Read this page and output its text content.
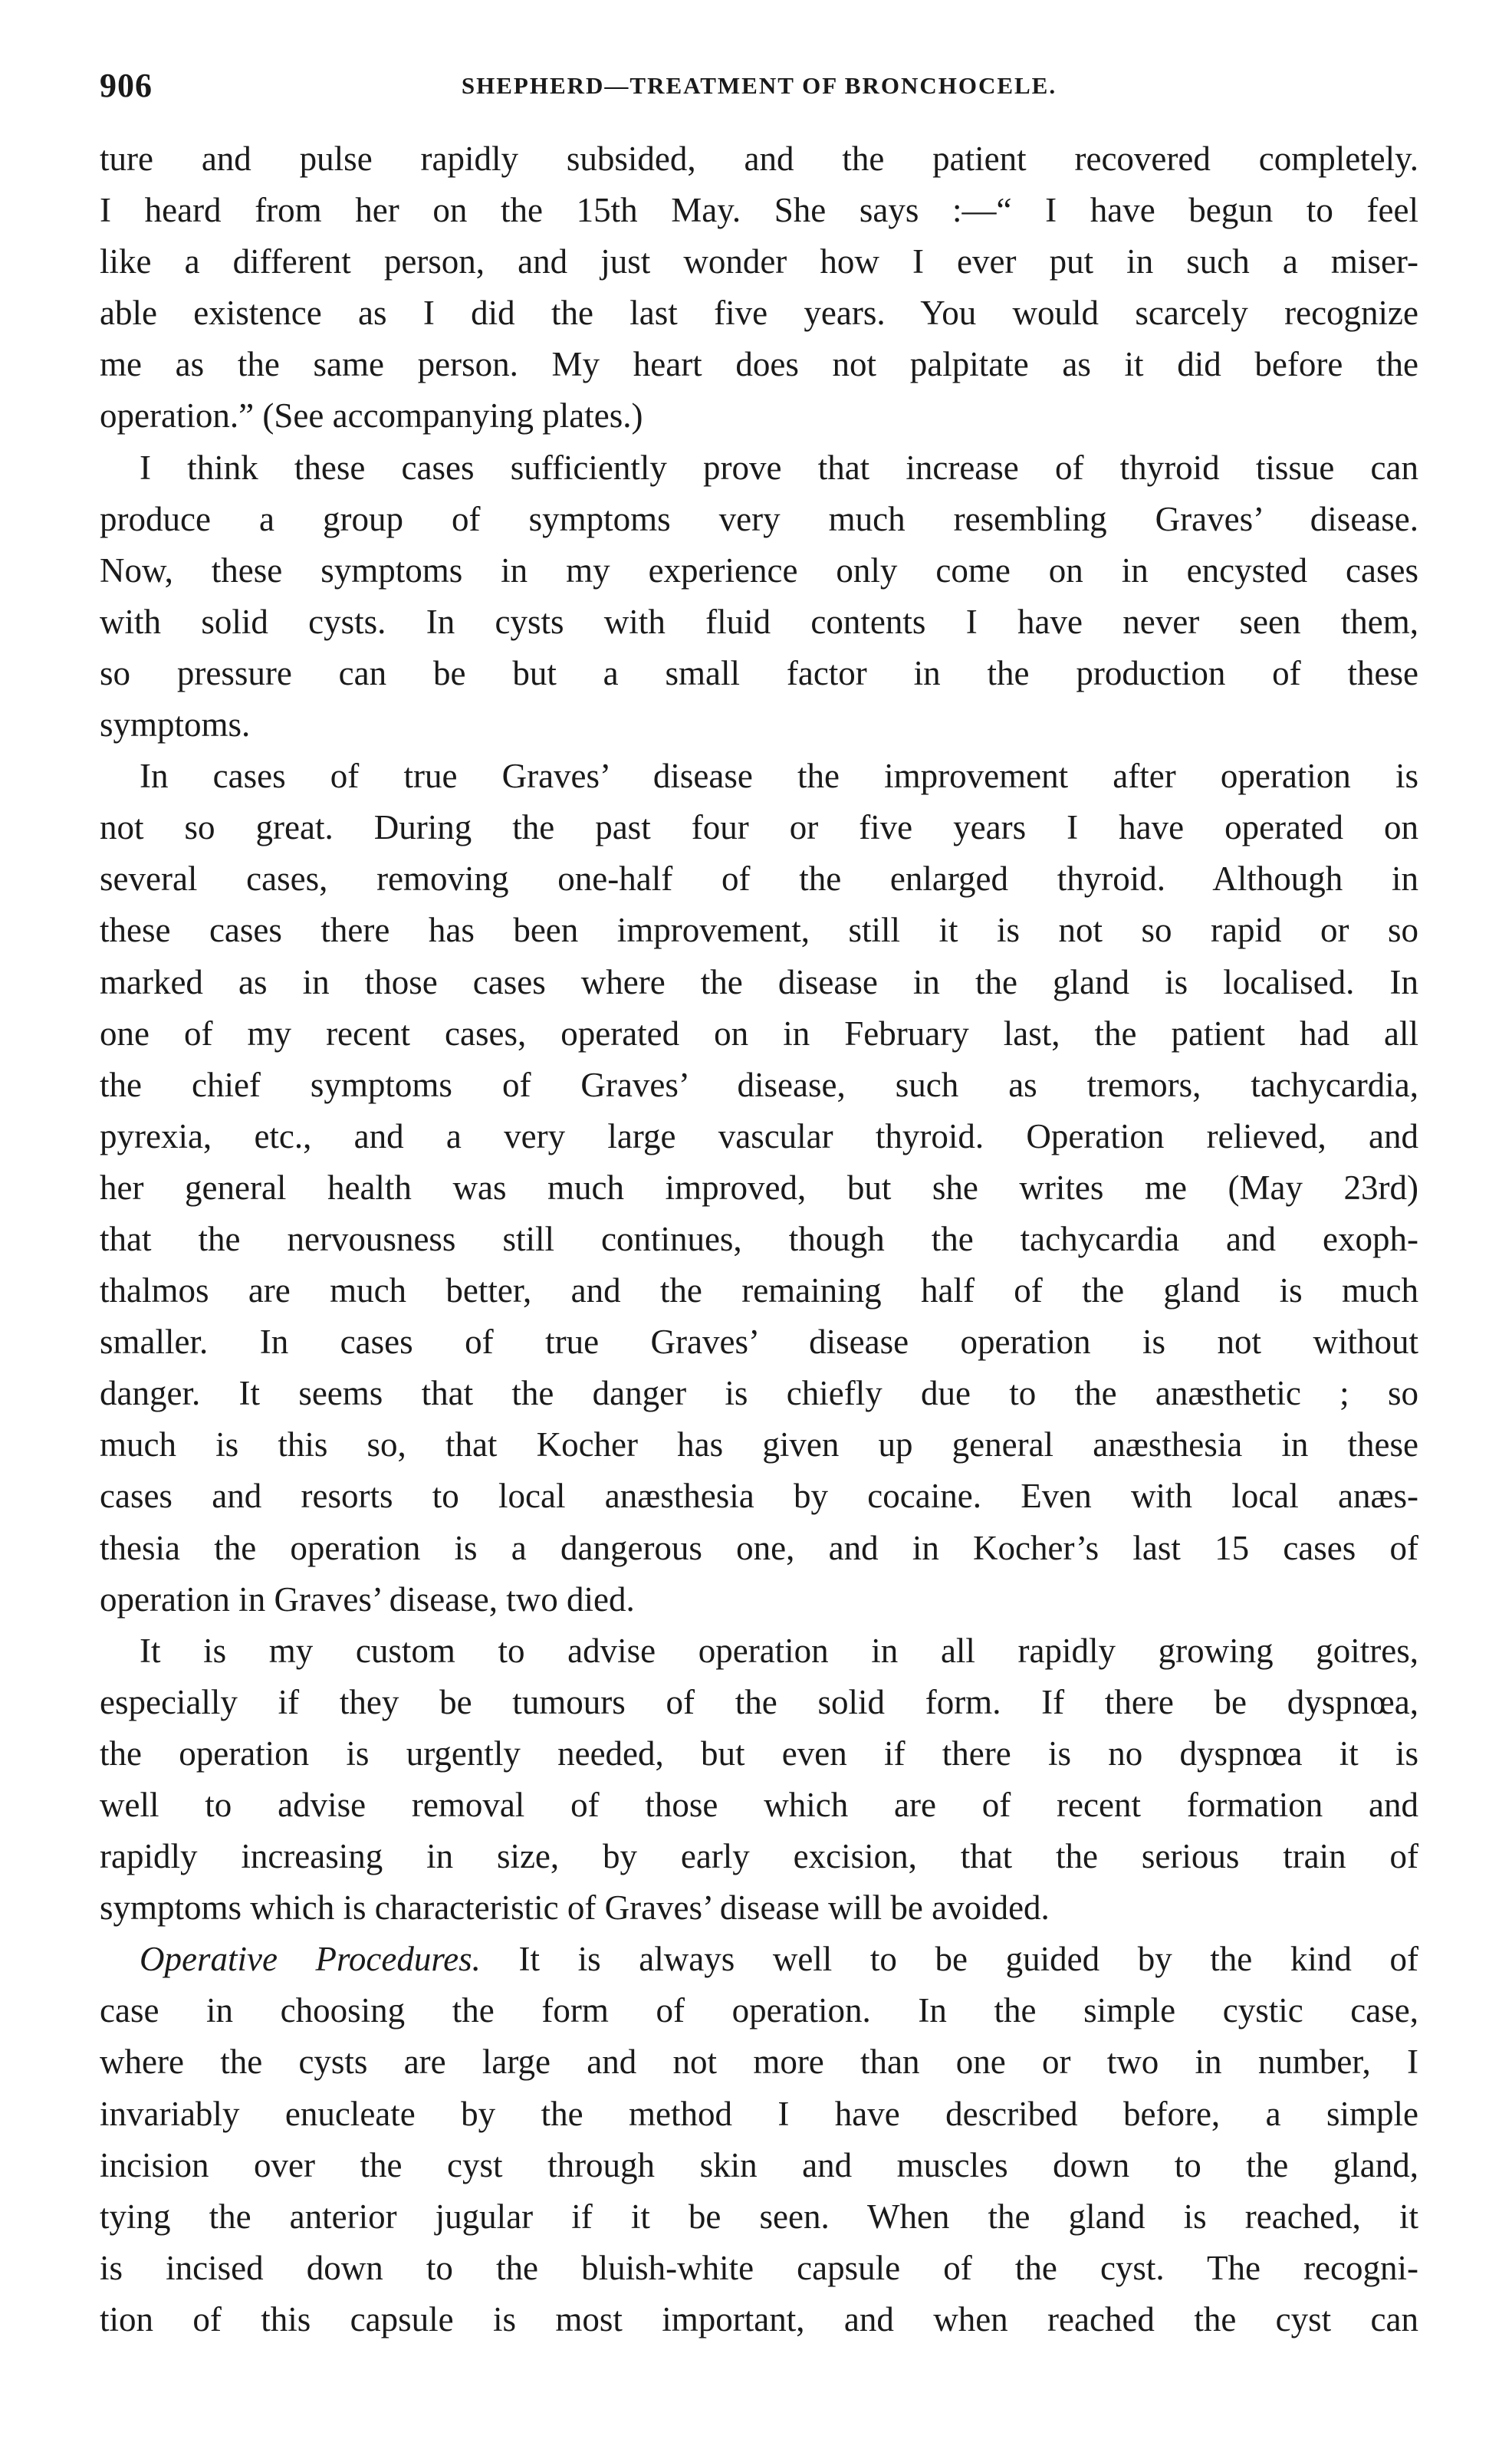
906	SHEPHERD—TREATMENT OF BRONCHOCELE.
ture and pulse rapidly subsided, and the patient recovered completely.
I heard from her on the 15th May. She says :—“ I have begun to feel
like a different person, and just wonder how I ever put in such a miser-
able existence as I did the last five years. You would scarcely recognize
me as the same person. My heart does not palpitate as it did before the
operation.” (See accompanying plates.)
I think these cases sufficiently prove that increase of thyroid tissue can
produce a group of symptoms very much resembling Graves’ disease.
Now, these symptoms in my experience only come on in encysted cases
with solid cysts. In cysts with fluid contents I have never seen them,
so pressure can be but a small factor in the production of these
symptoms.
In cases of true Graves’ disease the improvement after operation is
not so great. During the past four or five years I have operated on
several cases, removing one-half of the enlarged thyroid. Although in
these cases there has been improvement, still it is not so rapid or so
marked as in those cases where the disease in the gland is localised. In
one of my recent cases, operated on in February last, the patient had all
the chief symptoms of Graves’ disease, such as tremors, tachycardia,
pyrexia, etc., and a very large vascular thyroid. Operation relieved, and
her general health was much improved, but she writes me (May 23rd)
that the nervousness still continues, though the tachycardia and exoph-
thalmos are much better, and the remaining half of the gland is much
smaller. In cases of true Graves’ disease operation is not without
danger. It seems that the danger is chiefly due to the anæsthetic ; so
much is this so, that Kocher has given up general anæsthesia in these
cases and resorts to local anæsthesia by cocaine. Even with local anæs-
thesia the operation is a dangerous one, and in Kocher’s last 15 cases of
operation in Graves’ disease, two died.
It is my custom to advise operation in all rapidly growing goitres,
especially if they be tumours of the solid form. If there be dyspnœa,
the operation is urgently needed, but even if there is no dyspnœa it is
well to advise removal of those which are of recent formation and
rapidly increasing in size, by early excision, that the serious train of
symptoms which is characteristic of Graves’ disease will be avoided.
Operative Procedures. It is always well to be guided by the kind of
case in choosing the form of operation. In the simple cystic case,
where the cysts are large and not more than one or two in number, I
invariably enucleate by the method I have described before, a simple
incision over the cyst through skin and muscles down to the gland,
tying the anterior jugular if it be seen. When the gland is reached, it
is incised down to the bluish-white capsule of the cyst. The recogni-
tion of this capsule is most important, and when reached the cyst can
